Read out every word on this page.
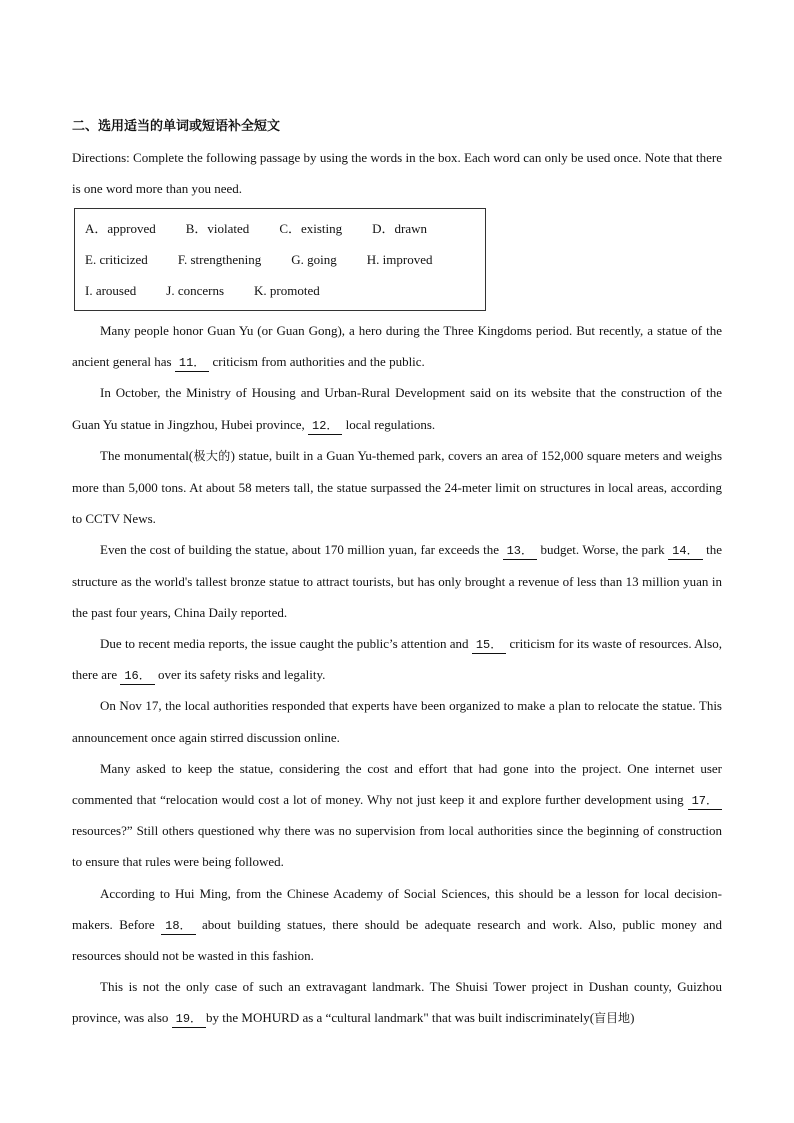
二、选用适当的单词或短语补全短文

Directions: Complete the following passage by using the words in the box. Each word can only be used once. Note that there is one word more than you need.

A．approved B．violated C．existing D．drawn
E. criticized F. strengthening G. going H. improved
I. aroused J. concerns K. promoted

Many people honor Guan Yu (or Guan Gong), a hero during the Three Kingdoms period. But recently, a statue of the ancient general has 11． criticism from authorities and the public.

In October, the Ministry of Housing and Urban-Rural Development said on its website that the construction of the Guan Yu statue in Jingzhou, Hubei province, 12． local regulations.

The monumental(极大的) statue, built in a Guan Yu-themed park, covers an area of 152,000 square meters and weighs more than 5,000 tons. At about 58 meters tall, the statue surpassed the 24-meter limit on structures in local areas, according to CCTV News.

Even the cost of building the statue, about 170 million yuan, far exceeds the 13． budget. Worse, the park 14． the structure as the world's tallest bronze statue to attract tourists, but has only brought a revenue of less than 13 million yuan in the past four years, China Daily reported.

Due to recent media reports, the issue caught the public’s attention and 15． criticism for its waste of resources. Also, there are 16． over its safety risks and legality.

On Nov 17, the local authorities responded that experts have been organized to make a plan to relocate the statue. This announcement once again stirred discussion online.

Many asked to keep the statue, considering the cost and effort that had gone into the project. One internet user commented that “relocation would cost a lot of money. Why not just keep it and explore further development using 17． resources?” Still others questioned why there was no supervision from local authorities since the beginning of construction to ensure that rules were being followed.

According to Hui Ming, from the Chinese Academy of Social Sciences, this should be a lesson for local decision-makers. Before 18． about building statues, there should be adequate research and work. Also, public money and resources should not be wasted in this fashion.

This is not the only case of such an extravagant landmark. The Shuisi Tower project in Dushan county, Guizhou province, was also 19． by the MOHURD as a “cultural landmark" that was built indiscriminately(盲目地)
